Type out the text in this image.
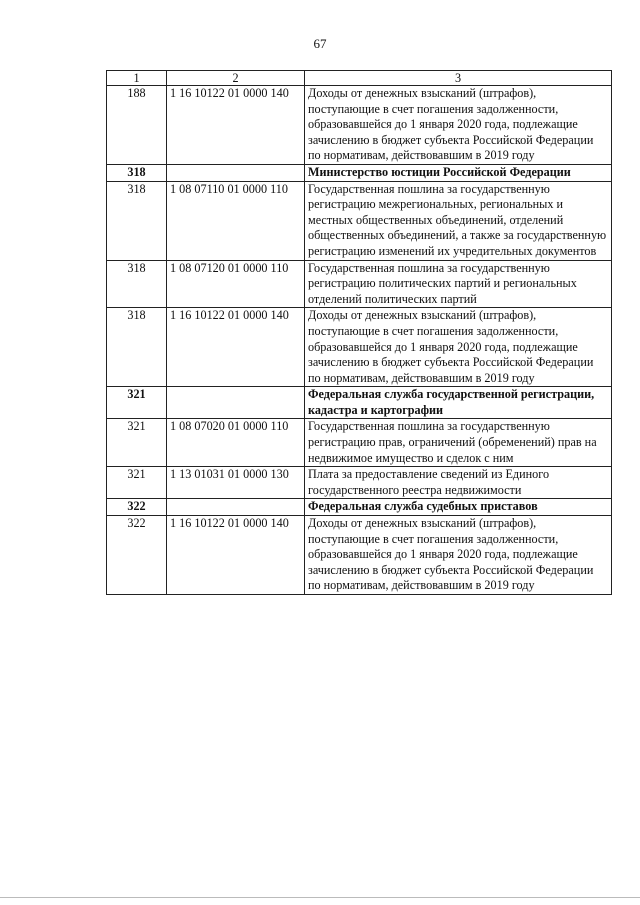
67
1	2	3
188	1 16 10122 01 0000 140	Доходы от денежных взысканий (штрафов), поступающие в счет погашения задолженности, образовавшейся до 1 января 2020 года, подлежащие зачислению в бюджет субъекта Российской Федерации по нормативам, действовавшим в 2019 году
318		Министерство юстиции Российской Федерации
318	1 08 07110 01 0000 110	Государственная пошлина за государственную регистрацию межрегиональных, региональных и местных общественных объединений, отделений общественных объединений, а также за государственную регистрацию изменений их учредительных документов
318	1 08 07120 01 0000 110	Государственная пошлина за государственную регистрацию политических партий и региональных отделений политических партий
318	1 16 10122 01 0000 140	Доходы от денежных взысканий (штрафов), поступающие в счет погашения задолженности, образовавшейся до 1 января 2020 года, подлежащие зачислению в бюджет субъекта Российской Федерации по нормативам, действовавшим в 2019 году
321		Федеральная служба государственной регистрации, кадастра и картографии
321	1 08 07020 01 0000 110	Государственная пошлина за государственную регистрацию прав, ограничений (обременений) прав на недвижимое имущество и сделок с ним
321	1 13 01031 01 0000 130	Плата за предоставление сведений из Единого государственного реестра недвижимости
322		Федеральная служба судебных приставов
322	1 16 10122 01 0000 140	Доходы от денежных взысканий (штрафов), поступающие в счет погашения задолженности, образовавшейся до 1 января 2020 года, подлежащие зачислению в бюджет субъекта Российской Федерации по нормативам, действовавшим в 2019 году
